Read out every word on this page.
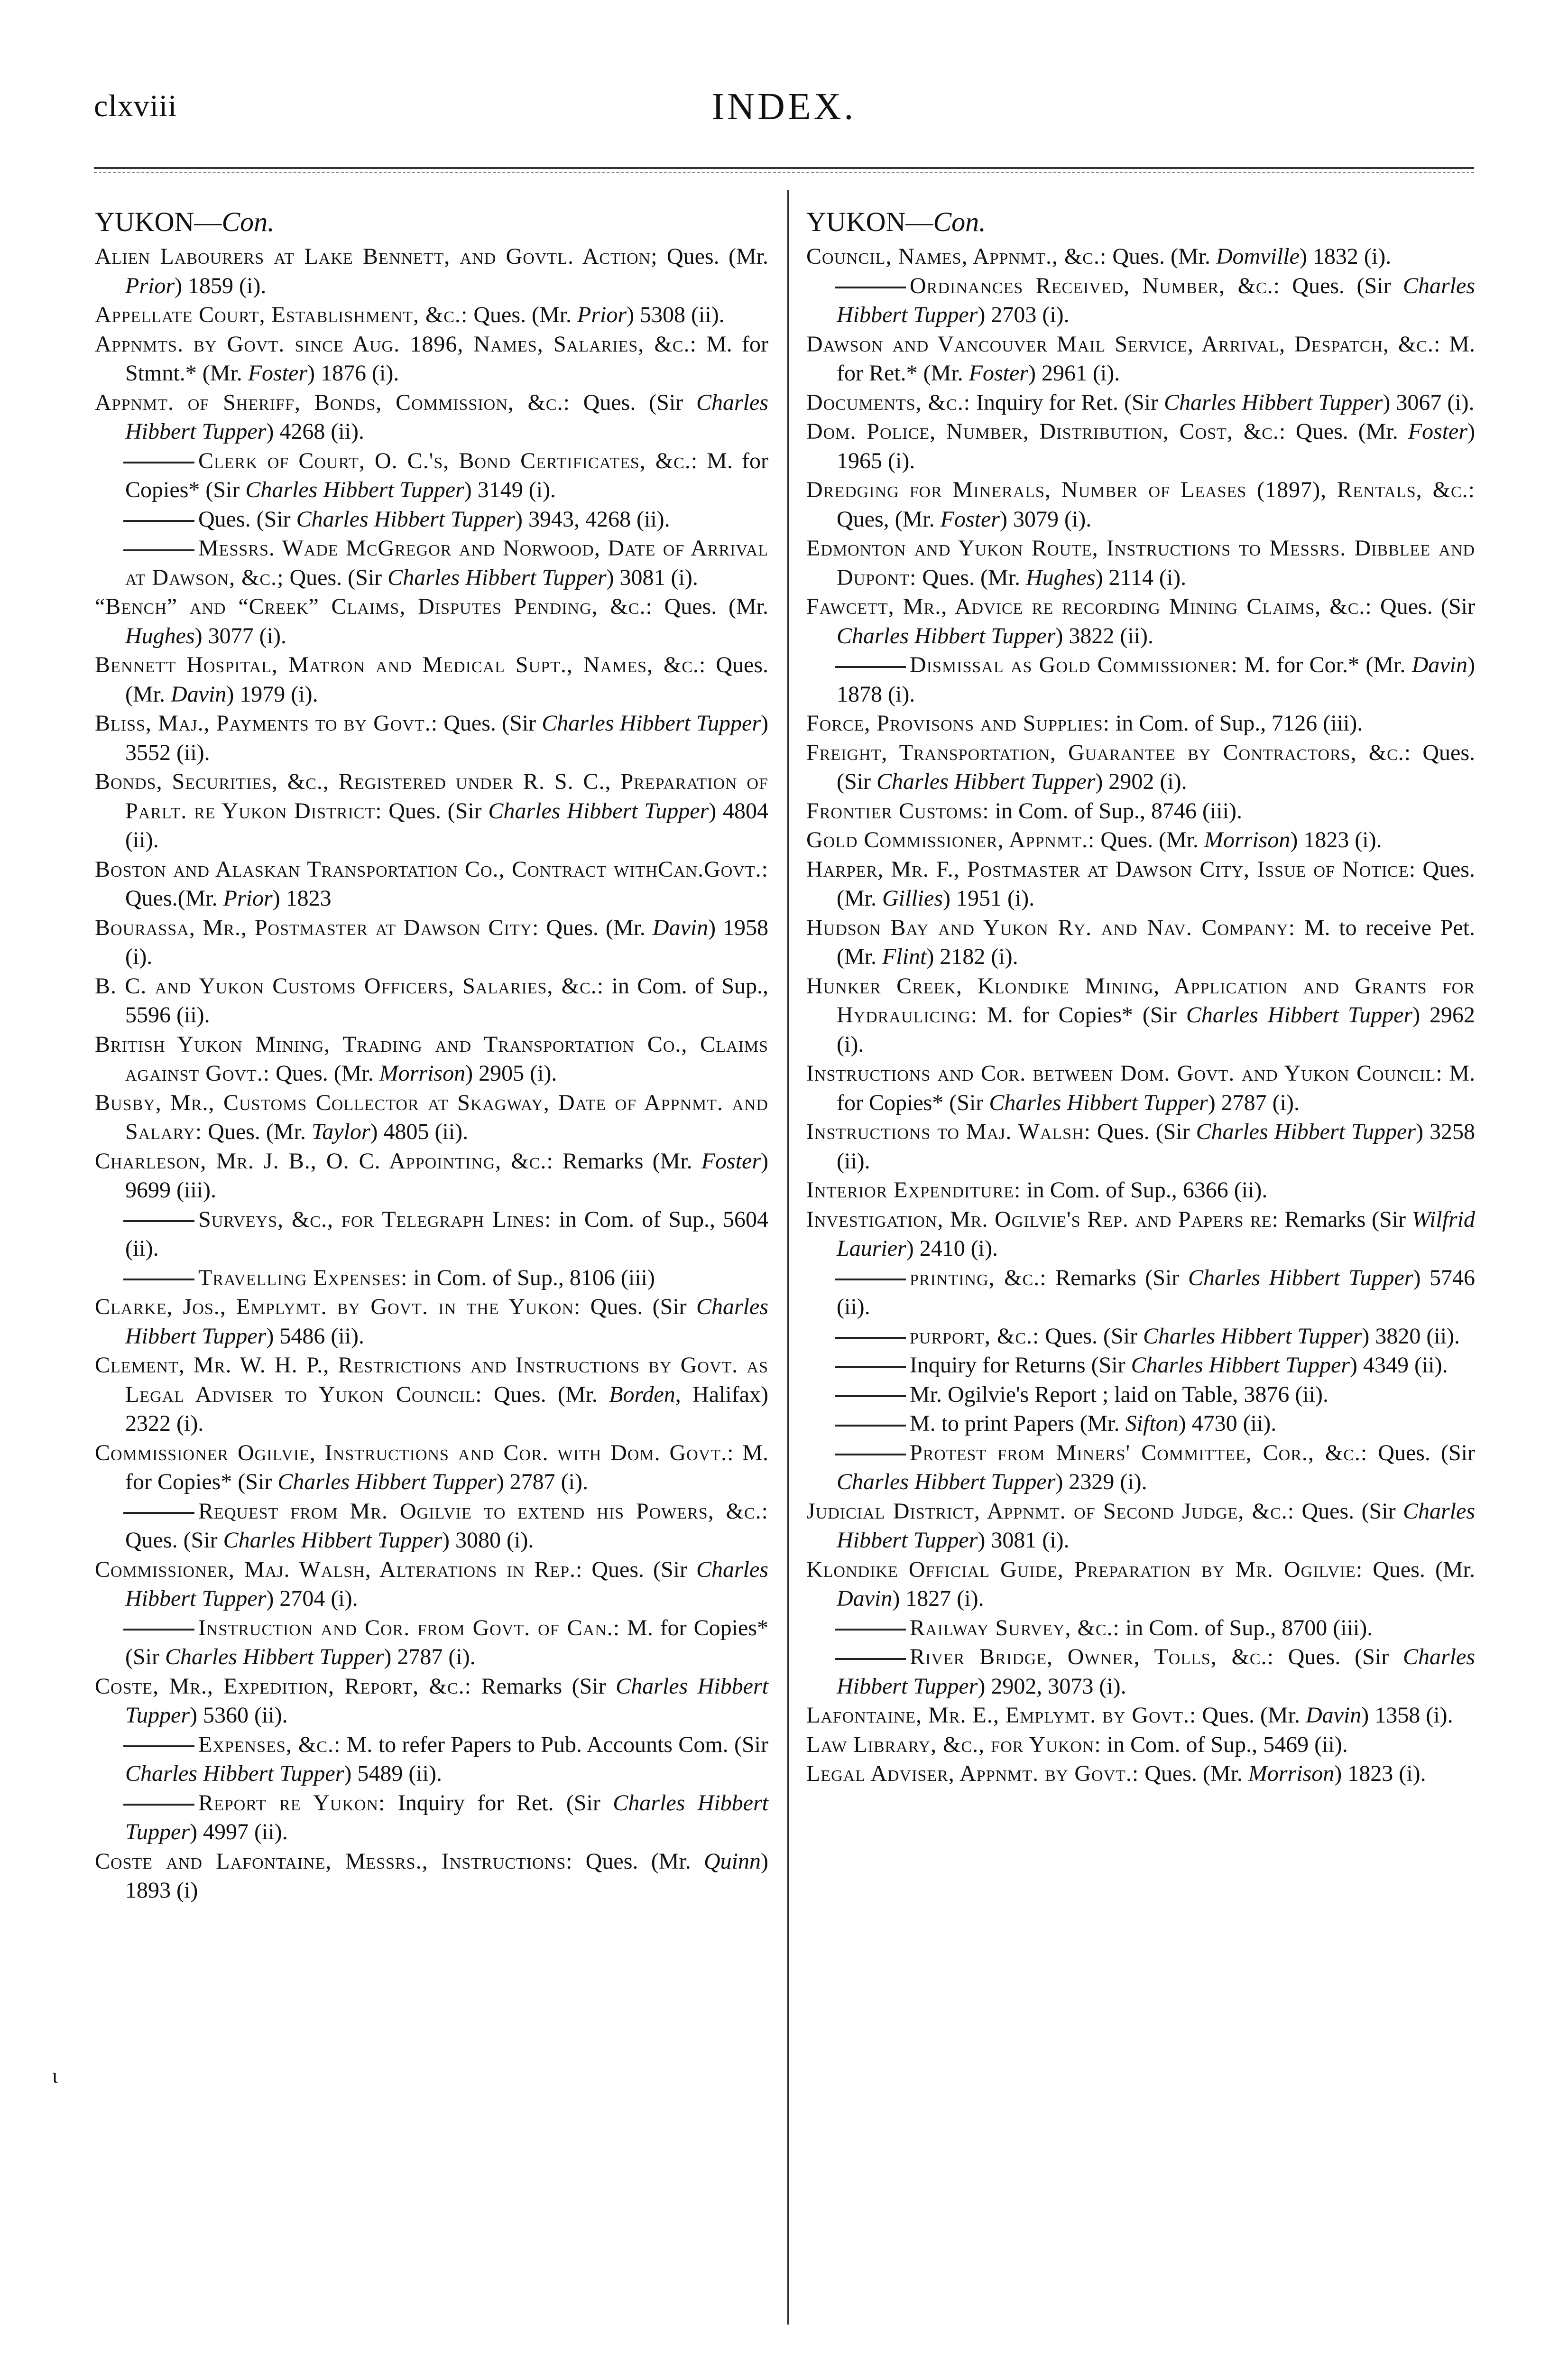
clxviii	INDEX.
ι
YUKON—Con.

Alien Labourers at Lake Bennett, and Govtl. Action; Ques. (Mr. Prior) 1859 (i).

Appellate Court, Establishment, &c.: Ques. (Mr. Prior) 5308 (ii).

Appnmts. by Govt. since Aug. 1896, Names, Salaries, &c.: M. for Stmnt.* (Mr. Foster) 1876 (i).

Appnmt. of Sheriff, Bonds, Commission, &c.: Ques. (Sir Charles Hibbert Tupper) 4268 (ii).

Clerk of Court, O. C.'s, Bond Certificates, &c.: M. for Copies* (Sir Charles Hibbert Tupper) 3149 (i).

Ques. (Sir Charles Hibbert Tupper) 3943, 4268 (ii).

Messrs. Wade McGregor and Norwood, Date of Arrival at Dawson, &c.; Ques. (Sir Charles Hibbert Tupper) 3081 (i).

“Bench” and “Creek” Claims, Disputes Pending, &c.: Ques. (Mr. Hughes) 3077 (i).

Bennett Hospital, Matron and Medical Supt., Names, &c.: Ques. (Mr. Davin) 1979 (i).

Bliss, Maj., Payments to by Govt.: Ques. (Sir Charles Hibbert Tupper) 3552 (ii).

Bonds, Securities, &c., Registered under R. S. C., Preparation of Parlt. re Yukon District: Ques. (Sir Charles Hibbert Tupper) 4804 (ii).

Boston and Alaskan Transportation Co., Contract withCan.Govt.: Ques.(Mr. Prior) 1823

Bourassa, Mr., Postmaster at Dawson City: Ques. (Mr. Davin) 1958 (i).

B. C. and Yukon Customs Officers, Salaries, &c.: in Com. of Sup., 5596 (ii).

British Yukon Mining, Trading and Transportation Co., Claims against Govt.: Ques. (Mr. Morrison) 2905 (i).

Busby, Mr., Customs Collector at Skagway, Date of Appnmt. and Salary: Ques. (Mr. Taylor) 4805 (ii).

Charleson, Mr. J. B., O. C. Appointing, &c.: Remarks (Mr. Foster) 9699 (iii).

Surveys, &c., for Telegraph Lines: in Com. of Sup., 5604 (ii).

Travelling Expenses: in Com. of Sup., 8106 (iii)

Clarke, Jos., Emplymt. by Govt. in the Yukon: Ques. (Sir Charles Hibbert Tupper) 5486 (ii).

Clement, Mr. W. H. P., Restrictions and Instructions by Govt. as Legal Adviser to Yukon Council: Ques. (Mr. Borden, Halifax) 2322 (i).

Commissioner Ogilvie, Instructions and Cor. with Dom. Govt.: M. for Copies* (Sir Charles Hibbert Tupper) 2787 (i).

Request from Mr. Ogilvie to extend his Powers, &c.: Ques. (Sir Charles Hibbert Tupper) 3080 (i).

Commissioner, Maj. Walsh, Alterations in Rep.: Ques. (Sir Charles Hibbert Tupper) 2704 (i).

Instruction and Cor. from Govt. of Can.: M. for Copies* (Sir Charles Hibbert Tupper) 2787 (i).

Coste, Mr., Expedition, Report, &c.: Remarks (Sir Charles Hibbert Tupper) 5360 (ii).

Expenses, &c.: M. to refer Papers to Pub. Accounts Com. (Sir Charles Hibbert Tupper) 5489 (ii).

Report re Yukon: Inquiry for Ret. (Sir Charles Hibbert Tupper) 4997 (ii).

Coste and Lafontaine, Messrs., Instructions: Ques. (Mr. Quinn) 1893 (i)

YUKON—Con.

Council, Names, Appnmt., &c.: Ques. (Mr. Domville) 1832 (i).

Ordinances Received, Number, &c.: Ques. (Sir Charles Hibbert Tupper) 2703 (i).

Dawson and Vancouver Mail Service, Arrival, Despatch, &c.: M. for Ret.* (Mr. Foster) 2961 (i).

Documents, &c.: Inquiry for Ret. (Sir Charles Hibbert Tupper) 3067 (i).

Dom. Police, Number, Distribution, Cost, &c.: Ques. (Mr. Foster) 1965 (i).

Dredging for Minerals, Number of Leases (1897), Rentals, &c.: Ques, (Mr. Foster) 3079 (i).

Edmonton and Yukon Route, Instructions to Messrs. Dibblee and Dupont: Ques. (Mr. Hughes) 2114 (i).

Fawcett, Mr., Advice re recording Mining Claims, &c.: Ques. (Sir Charles Hibbert Tupper) 3822 (ii).

Dismissal as Gold Commissioner: M. for Cor.* (Mr. Davin) 1878 (i).

Force, Provisons and Supplies: in Com. of Sup., 7126 (iii).

Freight, Transportation, Guarantee by Contractors, &c.: Ques. (Sir Charles Hibbert Tupper) 2902 (i).

Frontier Customs: in Com. of Sup., 8746 (iii).

Gold Commissioner, Appnmt.: Ques. (Mr. Morrison) 1823 (i).

Harper, Mr. F., Postmaster at Dawson City, Issue of Notice: Ques. (Mr. Gillies) 1951 (i).

Hudson Bay and Yukon Ry. and Nav. Company: M. to receive Pet. (Mr. Flint) 2182 (i).

Hunker Creek, Klondike Mining, Application and Grants for Hydraulicing: M. for Copies* (Sir Charles Hibbert Tupper) 2962 (i).

Instructions and Cor. between Dom. Govt. and Yukon Council: M. for Copies* (Sir Charles Hibbert Tupper) 2787 (i).

Instructions to Maj. Walsh: Ques. (Sir Charles Hibbert Tupper) 3258 (ii).

Interior Expenditure: in Com. of Sup., 6366 (ii).

Investigation, Mr. Ogilvie's Rep. and Papers re: Remarks (Sir Wilfrid Laurier) 2410 (i).

printing, &c.: Remarks (Sir Charles Hibbert Tupper) 5746 (ii).

purport, &c.: Ques. (Sir Charles Hibbert Tupper) 3820 (ii).

Inquiry for Returns (Sir Charles Hibbert Tupper) 4349 (ii).

Mr. Ogilvie's Report ; laid on Table, 3876 (ii).

M. to print Papers (Mr. Sifton) 4730 (ii).

Protest from Miners' Committee, Cor., &c.: Ques. (Sir Charles Hibbert Tupper) 2329 (i).

Judicial District, Appnmt. of Second Judge, &c.: Ques. (Sir Charles Hibbert Tupper) 3081 (i).

Klondike Official Guide, Preparation by Mr. Ogilvie: Ques. (Mr. Davin) 1827 (i).

Railway Survey, &c.: in Com. of Sup., 8700 (iii).

River Bridge, Owner, Tolls, &c.: Ques. (Sir Charles Hibbert Tupper) 2902, 3073 (i).

Lafontaine, Mr. E., Emplymt. by Govt.: Ques. (Mr. Davin) 1358 (i).

Law Library, &c., for Yukon: in Com. of Sup., 5469 (ii).

Legal Adviser, Appnmt. by Govt.: Ques. (Mr. Morrison) 1823 (i).
